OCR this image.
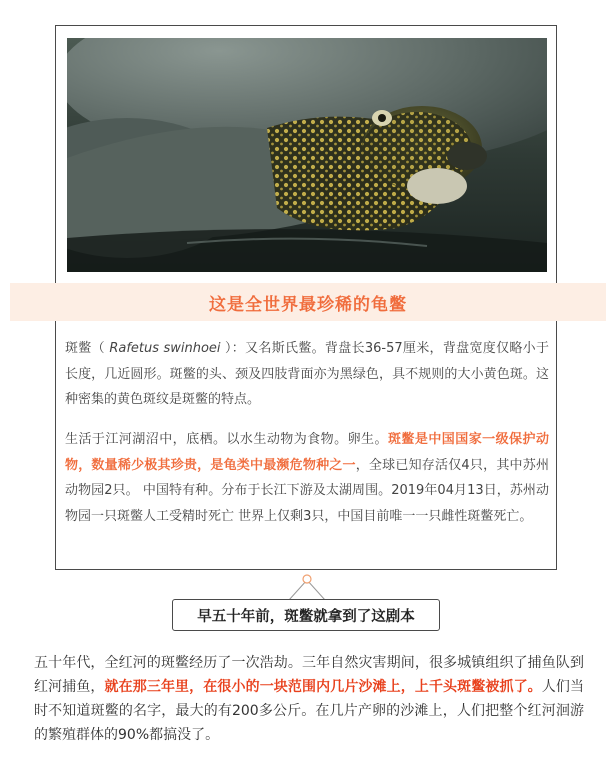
这是全世界最珍稀的龟鳖

斑鳖（ Rafetus swinhoei ）：又名斯氏鳖。背盘长36-57厘米，背盘宽度仅略小于长度，几近圆形。斑鳖的头、颈及四肢背面亦为黑绿色，具不规则的大小黄色斑。这种密集的黄色斑纹是斑鳖的特点。

生活于江河湖沼中，底栖。以水生动物为食物。卵生。斑鳖是中国国家一级保护动物，数量稀少极其珍贵，是龟类中最濒危物种之一，全球已知存活仅4只，其中苏州动物园2只。 中国特有种。分布于长江下游及太湖周围。2019年04月13日，苏州动物园一只斑鳖人工受精时死亡 世界上仅剩3只，中国目前唯一一只雌性斑鳖死亡。

早五十年前，斑鳖就拿到了这剧本

五十年代，全红河的斑鳖经历了一次浩劫。三年自然灾害期间，很多城镇组织了捕鱼队到红河捕鱼，就在那三年里，在很小的一块范围内几片沙滩上，上千头斑鳖被抓了。人们当时不知道斑鳖的名字，最大的有200多公斤。在几片产卵的沙滩上，人们把整个红河洄游的繁殖群体的90%都搞没了。
